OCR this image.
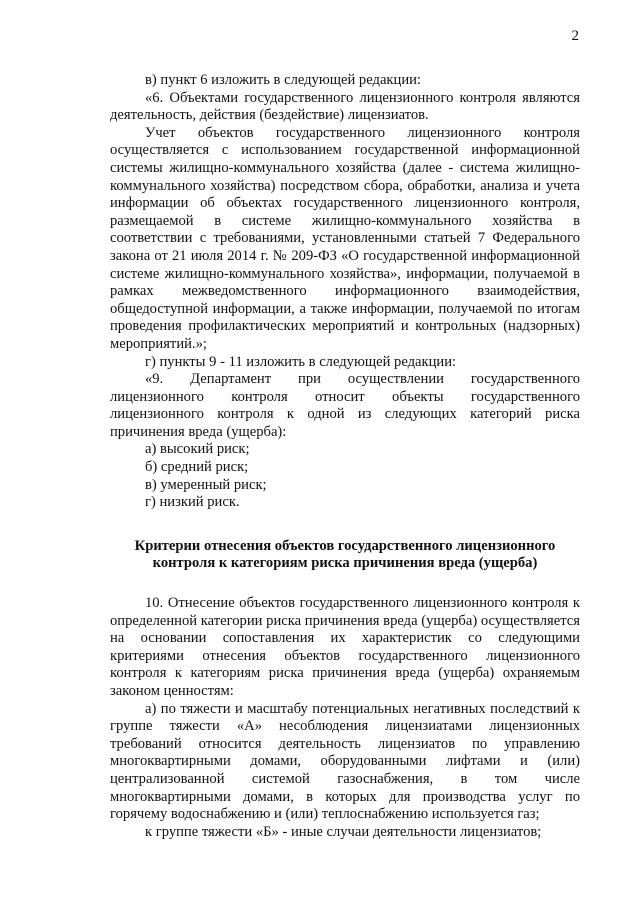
2

в) пункт 6 изложить в следующей редакции:

«6. Объектами государственного лицензионного контроля являются деятельность, действия (бездействие) лицензиатов.

Учет объектов государственного лицензионного контроля осуществляется с использованием государственной информационной системы жилищно-коммунального хозяйства (далее - система жилищно-коммунального хозяйства) посредством сбора, обработки, анализа и учета информации об объектах государственного лицензионного контроля, размещаемой в системе жилищно-коммунального хозяйства в соответствии с требованиями, установленными статьей 7 Федерального закона от 21 июля 2014 г. № 209-ФЗ «О государственной информационной системе жилищно-коммунального хозяйства», информации, получаемой в рамках межведомственного информационного взаимодействия, общедоступной информации, а также информации, получаемой по итогам проведения профилактических мероприятий и контрольных (надзорных) мероприятий.»;

г) пункты 9 - 11 изложить в следующей редакции:

«9. Департамент при осуществлении государственного лицензионного контроля относит объекты государственного лицензионного контроля к одной из следующих категорий риска причинения вреда (ущерба):

а) высокий риск;

б) средний риск;

в) умеренный риск;

г) низкий риск.

Критерии отнесения объектов государственного лицензионного контроля к категориям риска причинения вреда (ущерба)

10. Отнесение объектов государственного лицензионного контроля к определенной категории риска причинения вреда (ущерба) осуществляется на основании сопоставления их характеристик со следующими критериями отнесения объектов государственного лицензионного контроля к категориям риска причинения вреда (ущерба) охраняемым законом ценностям:

а) по тяжести и масштабу потенциальных негативных последствий к группе тяжести «А» несоблюдения лицензиатами лицензионных требований относится деятельность лицензиатов по управлению многоквартирными домами, оборудованными лифтами и (или) централизованной системой газоснабжения, в том числе многоквартирными домами, в которых для производства услуг по горячему водоснабжению и (или) теплоснабжению используется газ;

к группе тяжести «Б» - иные случаи деятельности лицензиатов;
